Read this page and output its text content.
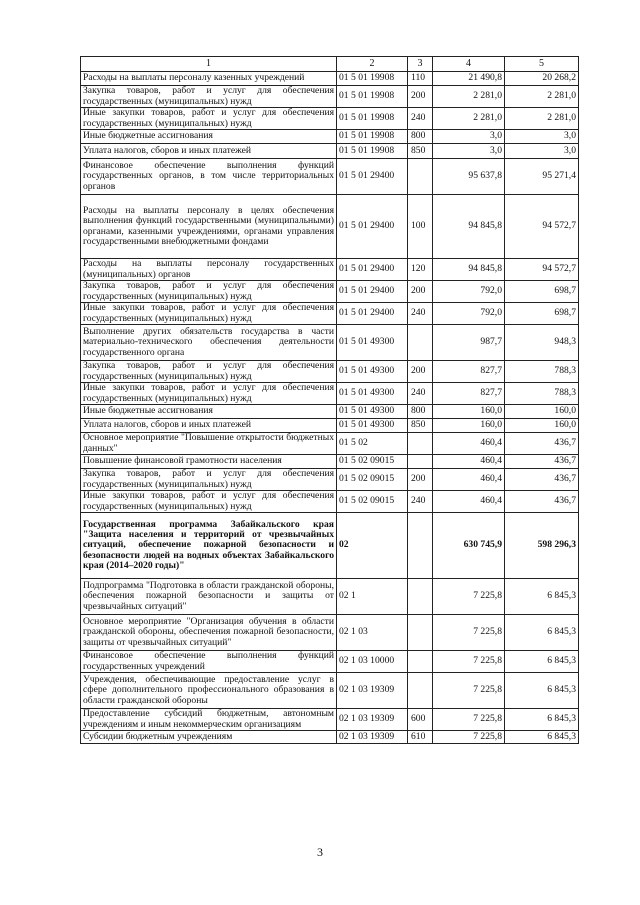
1	2	3	4	5
Расходы на выплаты персоналу казенных учреждений	01 5 01 19908	110	21 490,8	20 268,2
Закупка товаров, работ и услуг для обеспечения государственных (муниципальных) нужд	01 5 01 19908	200	2 281,0	2 281,0
Иные закупки товаров, работ и услуг для обеспечения государственных (муниципальных) нужд	01 5 01 19908	240	2 281,0	2 281,0
Иные бюджетные ассигнования	01 5 01 19908	800	3,0	3,0
Уплата налогов, сборов и иных платежей	01 5 01 19908	850	3,0	3,0
Финансовое обеспечение выполнения функций государственных органов, в том числе территориальных органов	01 5 01 29400		95 637,8	95 271,4
Расходы на выплаты персоналу в целях обеспечения выполнения функций государственными (муниципальными) органами, казенными учреждениями, органами управления государственными внебюджетными фондами	01 5 01 29400	100	94 845,8	94 572,7
Расходы на выплаты персоналу государственных (муниципальных) органов	01 5 01 29400	120	94 845,8	94 572,7
Закупка товаров, работ и услуг для обеспечения государственных (муниципальных) нужд	01 5 01 29400	200	792,0	698,7
Иные закупки товаров, работ и услуг для обеспечения государственных (муниципальных) нужд	01 5 01 29400	240	792,0	698,7
Выполнение других обязательств государства в части материально-технического обеспечения деятельности государственного органа	01 5 01 49300		987,7	948,3
Закупка товаров, работ и услуг для обеспечения государственных (муниципальных) нужд	01 5 01 49300	200	827,7	788,3
Иные закупки товаров, работ и услуг для обеспечения государственных (муниципальных) нужд	01 5 01 49300	240	827,7	788,3
Иные бюджетные ассигнования	01 5 01 49300	800	160,0	160,0
Уплата налогов, сборов и иных платежей	01 5 01 49300	850	160,0	160,0
Основное мероприятие "Повышение открытости бюджетных данных"	01 5 02		460,4	436,7
Повышение финансовой грамотности населения	01 5 02 09015		460,4	436,7
Закупка товаров, работ и услуг для обеспечения государственных (муниципальных) нужд	01 5 02 09015	200	460,4	436,7
Иные закупки товаров, работ и услуг для обеспечения государственных (муниципальных) нужд	01 5 02 09015	240	460,4	436,7
Государственная программа Забайкальского края "Защита населения и территорий от чрезвычайных ситуаций, обеспечение пожарной безопасности и безопасности людей на водных объектах Забайкальского края (2014–2020 годы)"	02		630 745,9	598 296,3
Подпрограмма "Подготовка в области гражданской обороны, обеспечения пожарной безопасности и защиты от чрезвычайных ситуаций"	02 1		7 225,8	6 845,3
Основное мероприятие "Организация обучения в области гражданской обороны, обеспечения пожарной безопасности, защиты от чрезвычайных ситуаций"	02 1 03		7 225,8	6 845,3
Финансовое обеспечение выполнения функций государственных учреждений	02 1 03 10000		7 225,8	6 845,3
Учреждения, обеспечивающие предоставление услуг в сфере дополнительного профессионального образования в области гражданской обороны	02 1 03 19309		7 225,8	6 845,3
Предоставление субсидий бюджетным, автономным учреждениям и иным некоммерческим организациям	02 1 03 19309	600	7 225,8	6 845,3
Субсидии бюджетным учреждениям	02 1 03 19309	610	7 225,8	6 845,3
3
